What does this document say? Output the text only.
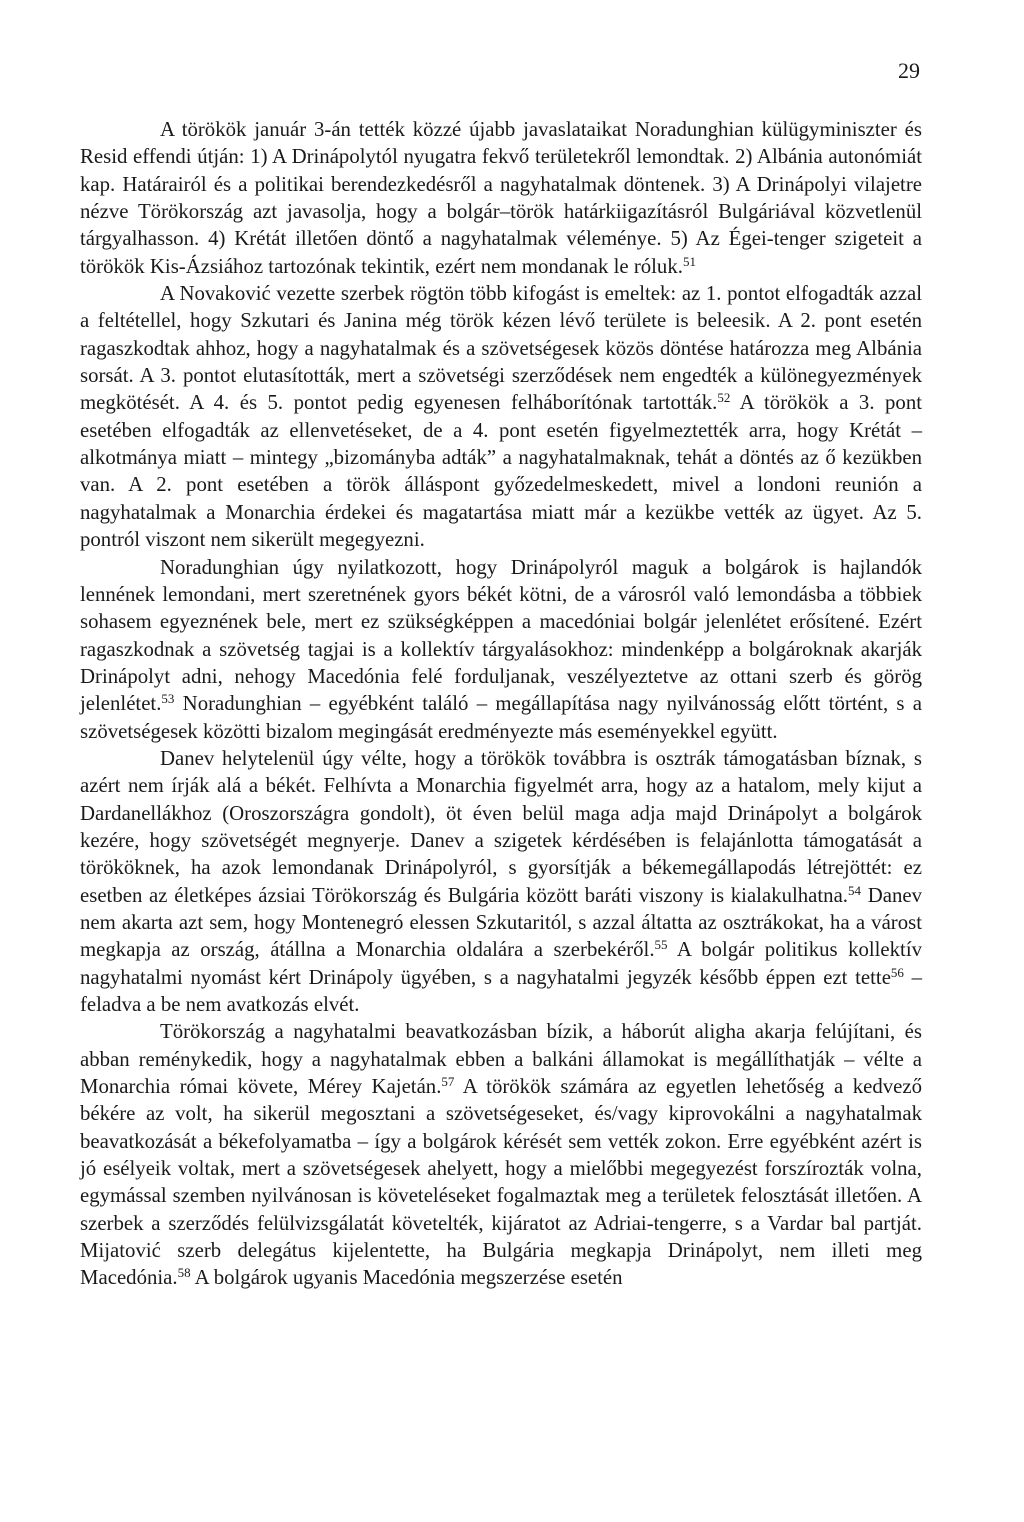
29

A törökök január 3-án tették közzé újabb javaslataikat Noradunghian külügyminiszter és Resid effendi útján: 1) A Drinápolytól nyugatra fekvő területekről lemondtak. 2) Albánia autonómiát kap. Határairól és a politikai berendezkedésről a nagyhatalmak döntenek. 3) A Drinápolyi vilajetre nézve Törökország azt javasolja, hogy a bolgár–török határkiigazításról Bulgáriával közvetlenül tárgyalhasson. 4) Krétát illetően döntő a nagyhatalmak véleménye. 5) Az Égei-tenger szigeteit a törökök Kis-Ázsiához tartozónak tekintik, ezért nem mondanak le róluk.$^{51}$

A Novaković vezette szerbek rögtön több kifogást is emeltek: az 1. pontot elfogadták azzal a feltétellel, hogy Szkutari és Janina még török kézen lévő területe is beleesik. A 2. pont esetén ragaszkodtak ahhoz, hogy a nagyhatalmak és a szövetségesek közös döntése határozza meg Albánia sorsát. A 3. pontot elutasították, mert a szövetségi szerződések nem engedték a különegyezmények megkötését. A 4. és 5. pontot pedig egyenesen felháborítónak tartották.$^{52}$ A törökök a 3. pont esetében elfogadták az ellenvetéseket, de a 4. pont esetén figyelmeztették arra, hogy Krétát – alkotmánya miatt – mintegy „bizományba adták” a nagyhatalmaknak, tehát a döntés az ő kezükben van. A 2. pont esetében a török álláspont győzedelmeskedett, mivel a londoni reunión a nagyhatalmak a Monarchia érdekei és magatartása miatt már a kezükbe vették az ügyet. Az 5. pontról viszont nem sikerült megegyezni.

Noradunghian úgy nyilatkozott, hogy Drinápolyról maguk a bolgárok is hajlandók lennének lemondani, mert szeretnének gyors békét kötni, de a városról való lemondásba a többiek sohasem egyeznének bele, mert ez szükségképpen a macedóniai bolgár jelenlétet erősítené. Ezért ragaszkodnak a szövetség tagjai is a kollektív tárgyalásokhoz: mindenképp a bolgároknak akarják Drinápolyt adni, nehogy Macedónia felé forduljanak, veszélyeztetve az ottani szerb és görög jelenlétet.$^{53}$ Noradunghian – egyébként találó – megállapítása nagy nyilvánosság előtt történt, s a szövetségesek közötti bizalom megingását eredményezte más eseményekkel együtt.

Danev helytelenül úgy vélte, hogy a törökök továbbra is osztrák támogatásban bíznak, s azért nem írják alá a békét. Felhívta a Monarchia figyelmét arra, hogy az a hatalom, mely kijut a Dardanellákhoz (Oroszországra gondolt), öt éven belül maga adja majd Drinápolyt a bolgárok kezére, hogy szövetségét megnyerje. Danev a szigetek kérdésében is felajánlotta támogatását a törököknek, ha azok lemondanak Drinápolyról, s gyorsítják a békemegállapodás létrejöttét: ez esetben az életképes ázsiai Törökország és Bulgária között baráti viszony is kialakulhatna.$^{54}$ Danev nem akarta azt sem, hogy Montenegró elessen Szkutaritól, s azzal áltatta az osztrákokat, ha a várost megkapja az ország, átállna a Monarchia oldalára a szerbekéről.$^{55}$ A bolgár politikus kollektív nagyhatalmi nyomást kért Drinápoly ügyében, s a nagyhatalmi jegyzék később éppen ezt tette$^{56}$ – feladva a be nem avatkozás elvét.

Törökország a nagyhatalmi beavatkozásban bízik, a háborút aligha akarja felújítani, és abban reménykedik, hogy a nagyhatalmak ebben a balkáni államokat is megállíthatják – vélte a Monarchia római követe, Mérey Kajetán.$^{57}$ A törökök számára az egyetlen lehetőség a kedvező békére az volt, ha sikerül megosztani a szövetségeseket, és/vagy kiprovokálni a nagyhatalmak beavatkozását a békefolyamatba – így a bolgárok kérését sem vették zokon. Erre egyébként azért is jó esélyeik voltak, mert a szövetségesek ahelyett, hogy a mielőbbi megegyezést forszírozták volna, egymással szemben nyilvánosan is követeléseket fogalmaztak meg a területek felosztását illetően. A szerbek a szerződés felülvizsgálatát követelték, kijáratot az Adriai-tengerre, s a Vardar bal partját. Mijatović szerb delegátus kijelentette, ha Bulgária megkapja Drinápolyt, nem illeti meg Macedónia.$^{58}$ A bolgárok ugyanis Macedónia megszerzése esetén
